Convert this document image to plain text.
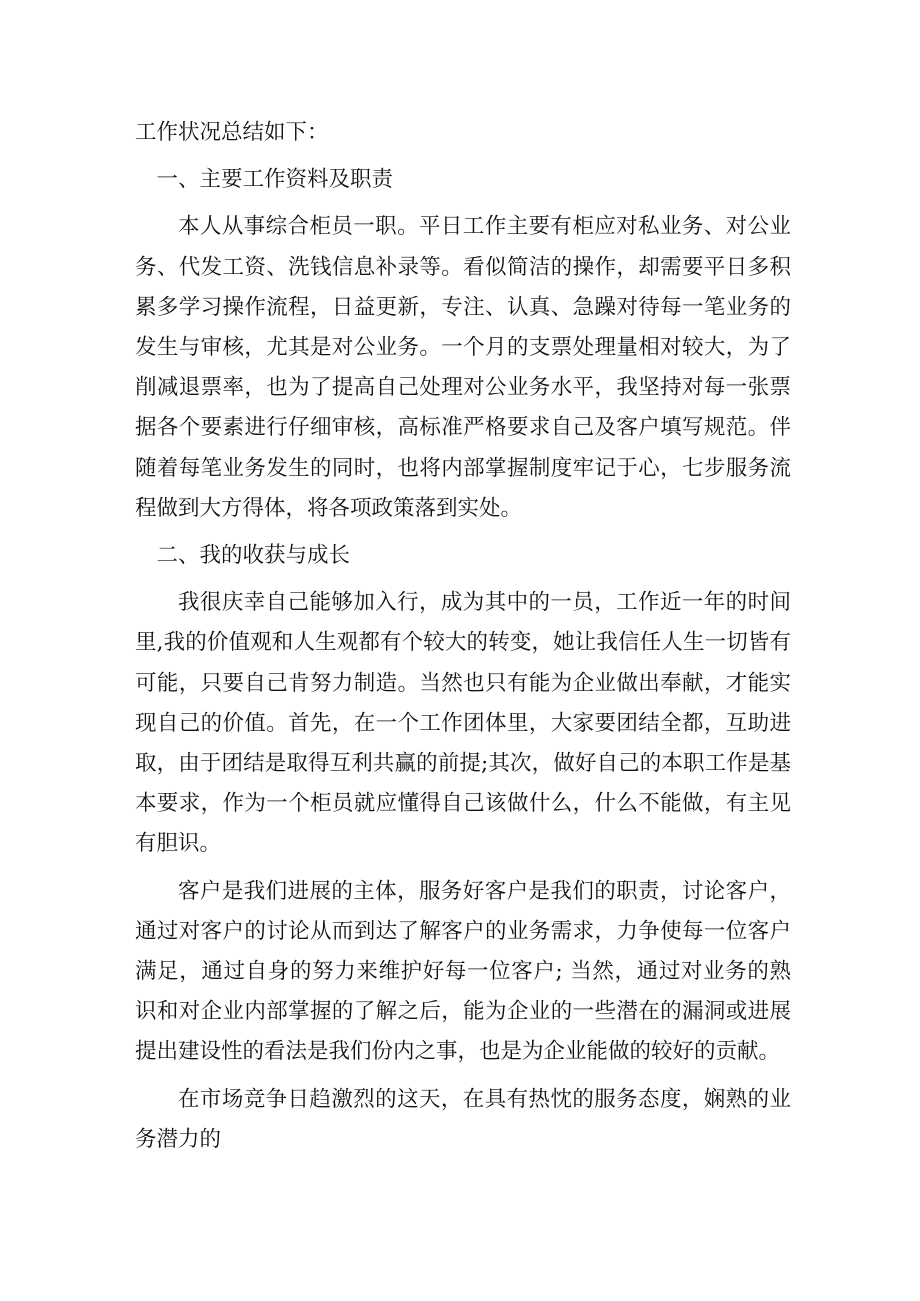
工作状况总结如下：

一、主要工作资料及职责

本人从事综合柜员一职。平日工作主要有柜应对私业务、对公业务、代发工资、洗钱信息补录等。看似简洁的操作，却需要平日多积累多学习操作流程，日益更新，专注、认真、急躁对待每一笔业务的发生与审核，尤其是对公业务。一个月的支票处理量相对较大，为了削减退票率，也为了提高自己处理对公业务水平，我坚持对每一张票据各个要素进行仔细审核，高标准严格要求自己及客户填写规范。伴随着每笔业务发生的同时，也将内部掌握制度牢记于心，七步服务流程做到大方得体，将各项政策落到实处。

二、我的收获与成长

我很庆幸自己能够加入行，成为其中的一员，工作近一年的时间里,我的价值观和人生观都有个较大的转变，她让我信任人生一切皆有可能，只要自己肯努力制造。当然也只有能为企业做出奉献，才能实现自己的价值。首先，在一个工作团体里，大家要团结全都，互助进取，由于团结是取得互利共赢的前提;其次，做好自己的本职工作是基本要求，作为一个柜员就应懂得自己该做什么，什么不能做，有主见有胆识。

客户是我们进展的主体，服务好客户是我们的职责，讨论客户，通过对客户的讨论从而到达了解客户的业务需求，力争使每一位客户满足，通过自身的努力来维护好每一位客户; 当然，通过对业务的熟识和对企业内部掌握的了解之后，能为企业的一些潜在的漏洞或进展提出建设性的看法是我们份内之事，也是为企业能做的较好的贡献。

在市场竞争日趋激烈的这天，在具有热忱的服务态度，娴熟的业务潜力的
